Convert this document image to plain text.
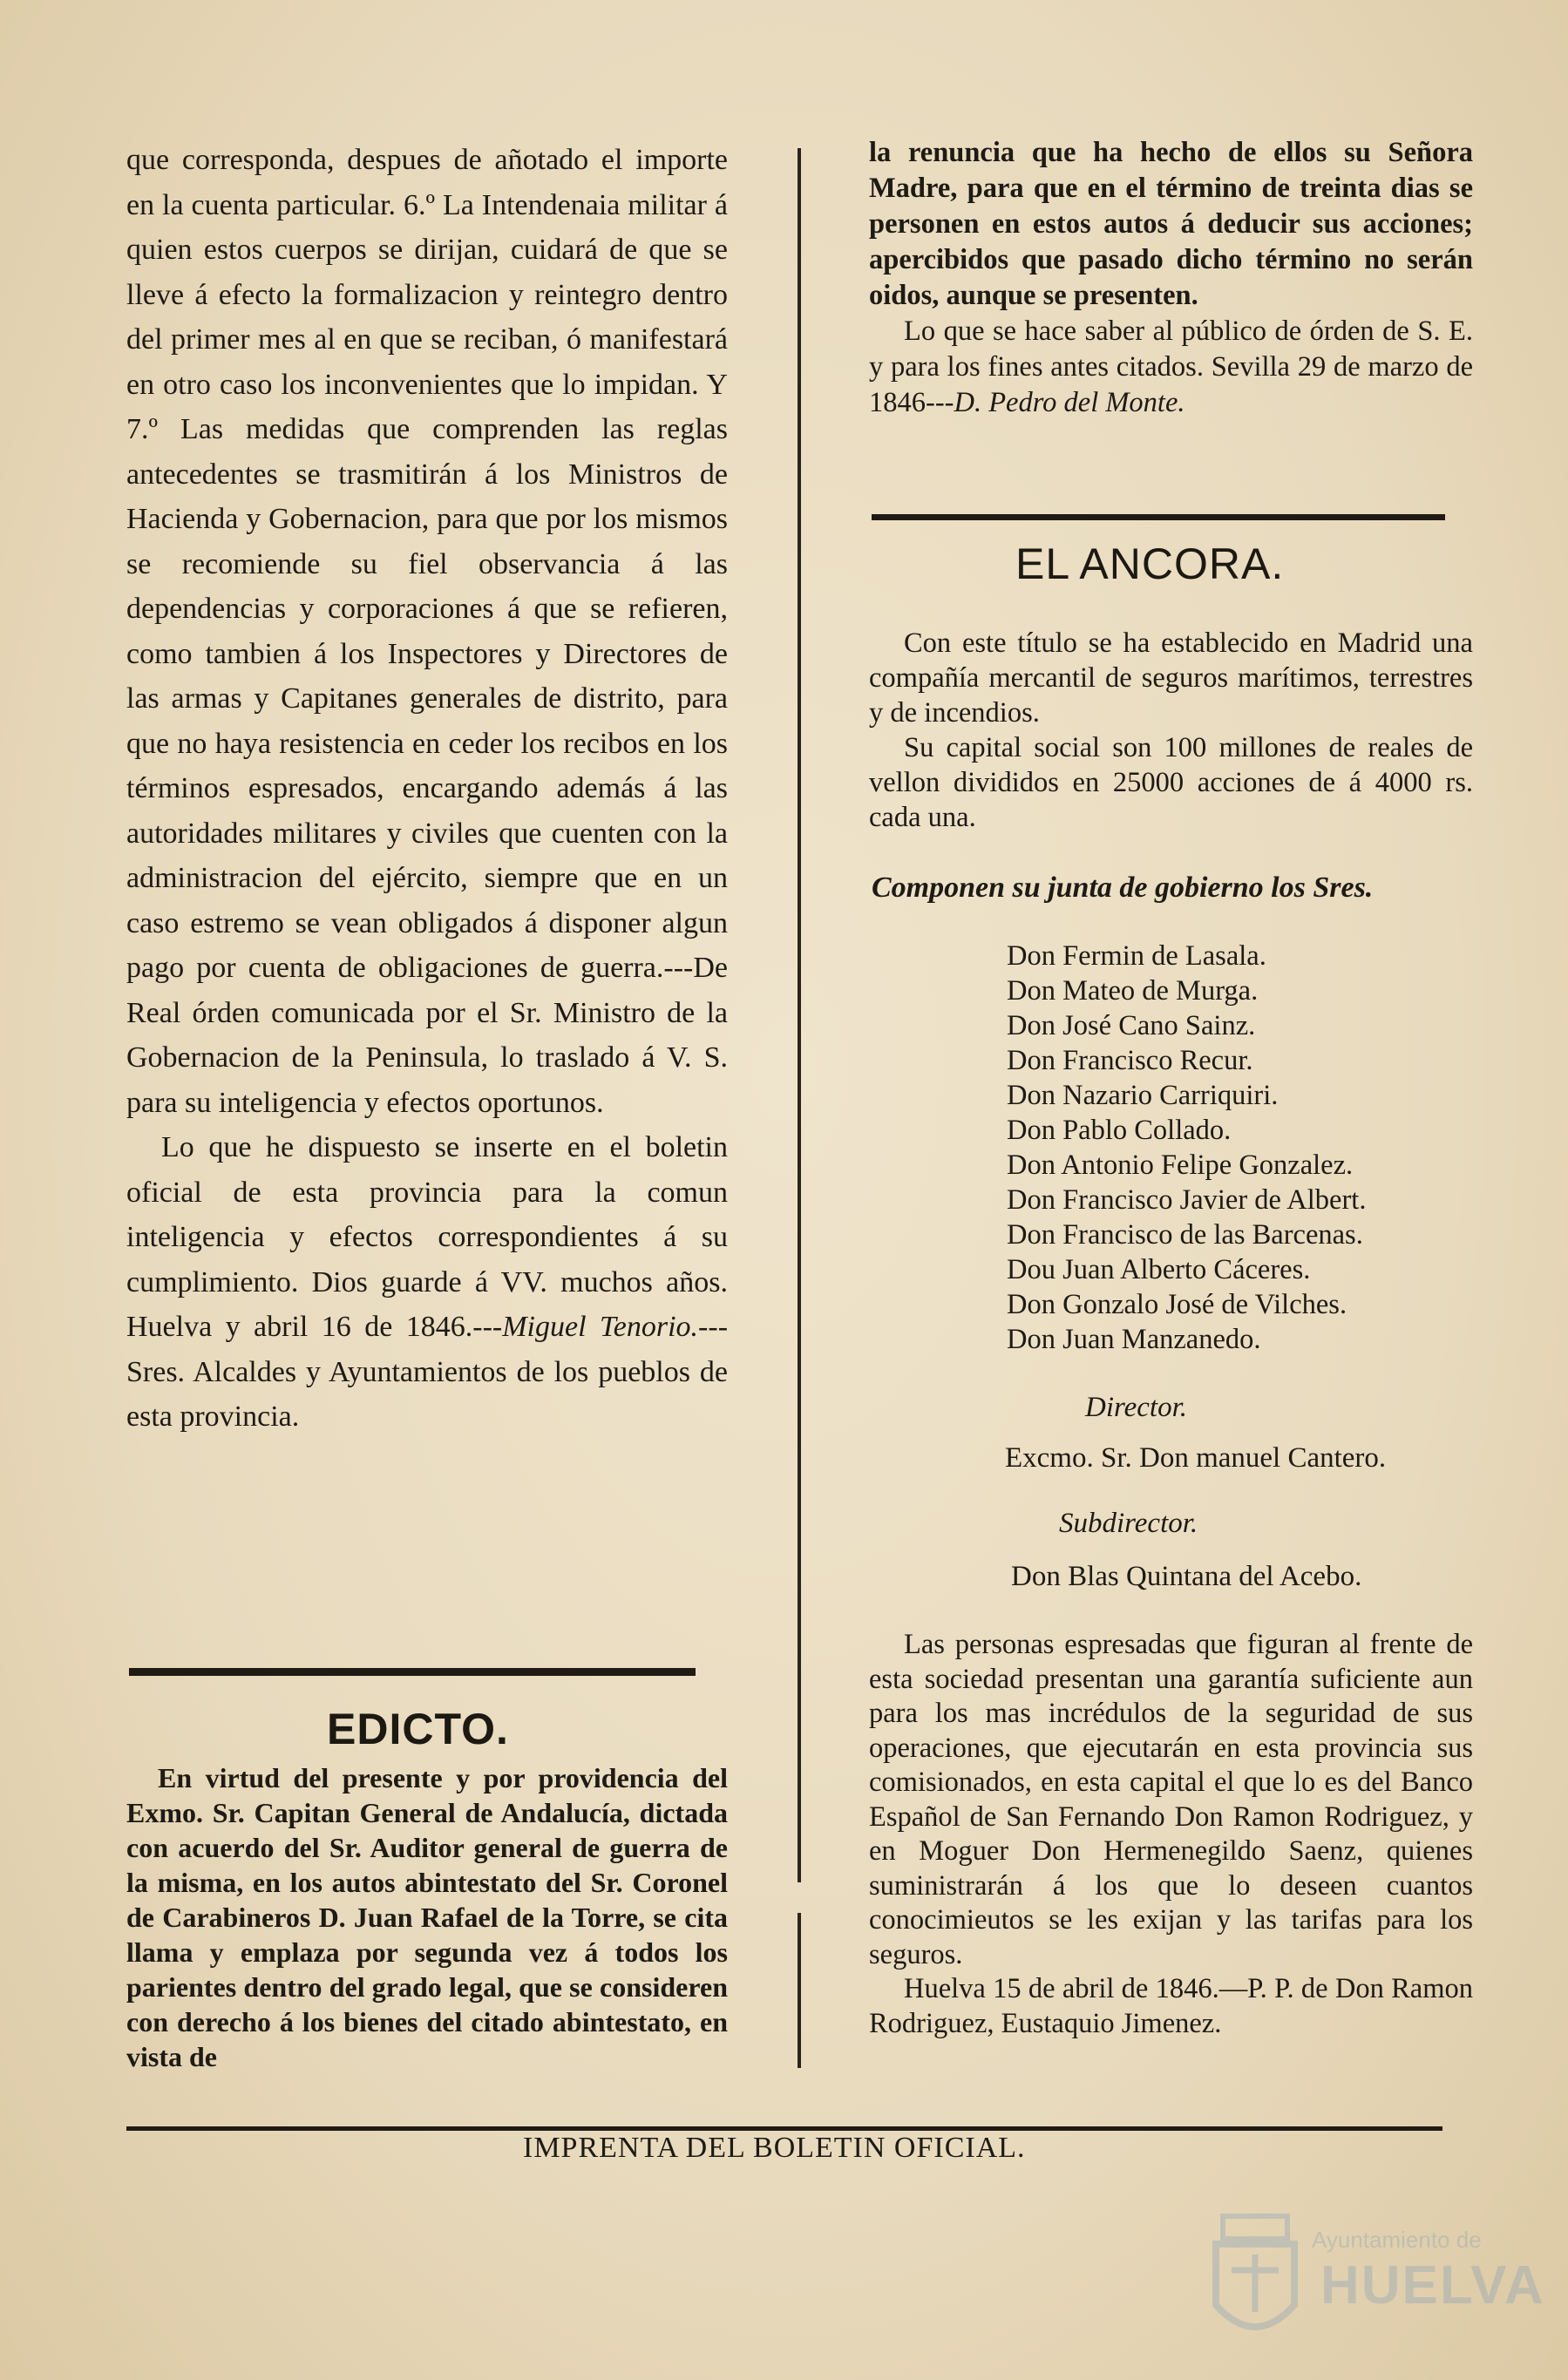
que corresponda, despues de añotado el importe en la cuenta particular. 6.º La Intendenaia militar á quien estos cuerpos se dirijan, cuidará de que se lleve á efecto la formalizacion y reintegro dentro del primer mes al en que se reciban, ó manifestará en otro caso los inconvenientes que lo impidan. Y 7.º Las medidas que comprenden las reglas antecedentes se trasmitirán á los Ministros de Hacienda y Gobernacion, para que por los mismos se recomiende su fiel observancia á las dependencias y corporaciones á que se refieren, como tambien á los Inspectores y Directores de las armas y Capitanes generales de distrito, para que no haya resistencia en ceder los recibos en los términos espresados, encargando además á las autoridades militares y civiles que cuenten con la administracion del ejército, siempre que en un caso estremo se vean obligados á disponer algun pago por cuenta de obligaciones de guerra.---De Real órden comunicada por el Sr. Ministro de la Gobernacion de la Peninsula, lo traslado á V. S. para su inteligencia y efectos oportunos.

Lo que he dispuesto se inserte en el boletin oficial de esta provincia para la comun inteligencia y efectos correspondientes á su cumplimiento. Dios guarde á VV. muchos años. Huelva y abril 16 de 1846.---Miguel Tenorio.---Sres. Alcaldes y Ayuntamientos de los pueblos de esta provincia.

EDICTO.

En virtud del presente y por providencia del Exmo. Sr. Capitan General de Andalucía, dictada con acuerdo del Sr. Auditor general de guerra de la misma, en los autos abintestato del Sr. Coronel de Carabineros D. Juan Rafael de la Torre, se cita llama y emplaza por segunda vez á todos los parientes dentro del grado legal, que se consideren con derecho á los bienes del citado abintestato, en vista de

la renuncia que ha hecho de ellos su Señora Madre, para que en el término de treinta dias se personen en estos autos á deducir sus acciones; apercibidos que pasado dicho término no serán oidos, aunque se presenten.

Lo que se hace saber al público de órden de S. E. y para los fines antes citados. Sevilla 29 de marzo de 1846---D. Pedro del Monte.

EL ANCORA.

Con este título se ha establecido en Madrid una compañía mercantil de seguros marítimos, terrestres y de incendios.

Su capital social son 100 millones de reales de vellon divididos en 25000 acciones de á 4000 rs. cada una.

Componen su junta de gobierno los Sres.
Don Fermin de Lasala.
Don Mateo de Murga.
Don José Cano Sainz.
Don Francisco Recur.
Don Nazario Carriquiri.
Don Pablo Collado.
Don Antonio Felipe Gonzalez.
Don Francisco Javier de Albert.
Don Francisco de las Barcenas.
Dou Juan Alberto Cáceres.
Don Gonzalo José de Vilches.
Don Juan Manzanedo.
Director.
Excmo. Sr. Don manuel Cantero.
Subdirector.
Don Blas Quintana del Acebo.

Las personas espresadas que figuran al frente de esta sociedad presentan una garantía suficiente aun para los mas incrédulos de la seguridad de sus operaciones, que ejecutarán en esta provincia sus comisionados, en esta capital el que lo es del Banco Español de San Fernando Don Ramon Rodriguez, y en Moguer Don Hermenegildo Saenz, quienes suministrarán á los que lo deseen cuantos conocimieutos se les exijan y las tarifas para los seguros.

Huelva 15 de abril de 1846.—P. P. de Don Ramon Rodriguez, Eustaquio Jimenez.

IMPRENTA DEL BOLETIN OFICIAL.
Ayuntamiento de
HUELVA
